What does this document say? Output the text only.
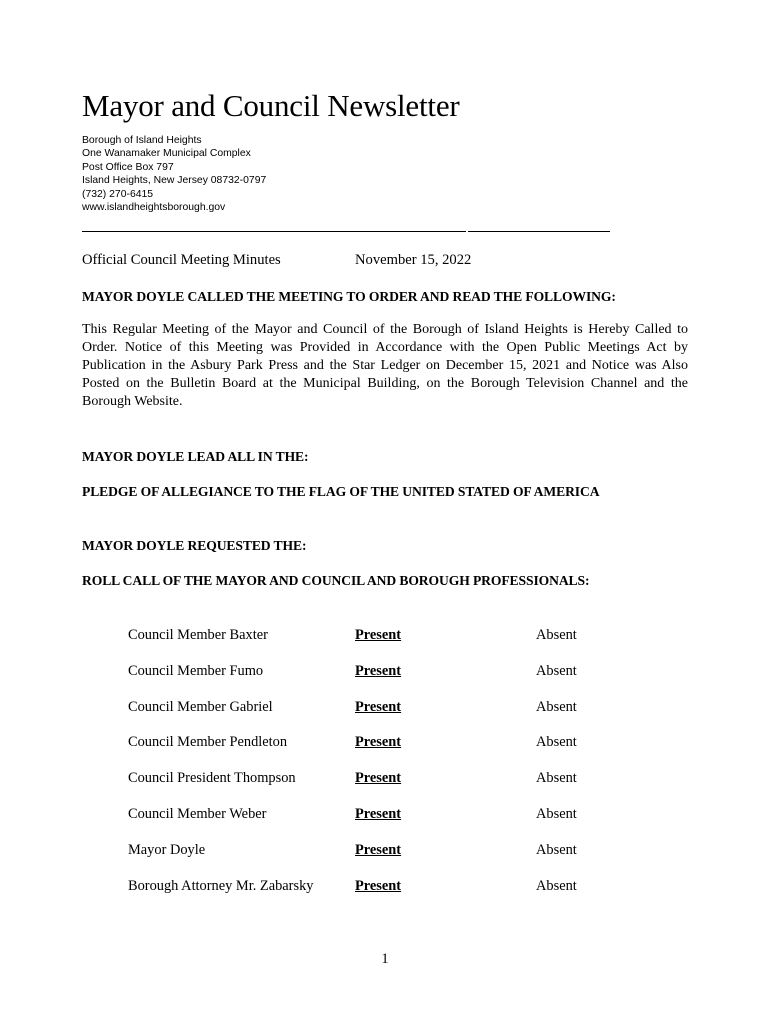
Mayor and Council Newsletter
Borough of Island Heights
One Wanamaker Municipal Complex
Post Office Box 797
Island Heights, New Jersey 08732-0797
(732) 270-6415
www.islandheightsborough.gov
Official Council Meeting Minutes	November 15, 2022
MAYOR DOYLE CALLED THE MEETING TO ORDER AND READ THE FOLLOWING:
This Regular Meeting of the Mayor and Council of the Borough of Island Heights is Hereby Called to Order. Notice of this Meeting was Provided in Accordance with the Open Public Meetings Act by Publication in the Asbury Park Press and the Star Ledger on December 15, 2021 and Notice was Also Posted on the Bulletin Board at the Municipal Building, on the Borough Television Channel and the Borough Website.
MAYOR DOYLE LEAD ALL IN THE:
PLEDGE OF ALLEGIANCE TO THE FLAG OF THE UNITED STATED OF AMERICA
MAYOR DOYLE REQUESTED THE:
ROLL CALL OF THE MAYOR AND COUNCIL AND BOROUGH PROFESSIONALS:
Council Member Baxter	Present	Absent
Council Member Fumo	Present	Absent
Council Member Gabriel	Present	Absent
Council Member Pendleton	Present	Absent
Council President Thompson	Present	Absent
Council Member Weber	Present	Absent
Mayor Doyle	Present	Absent
Borough Attorney Mr. Zabarsky	Present	Absent
1
